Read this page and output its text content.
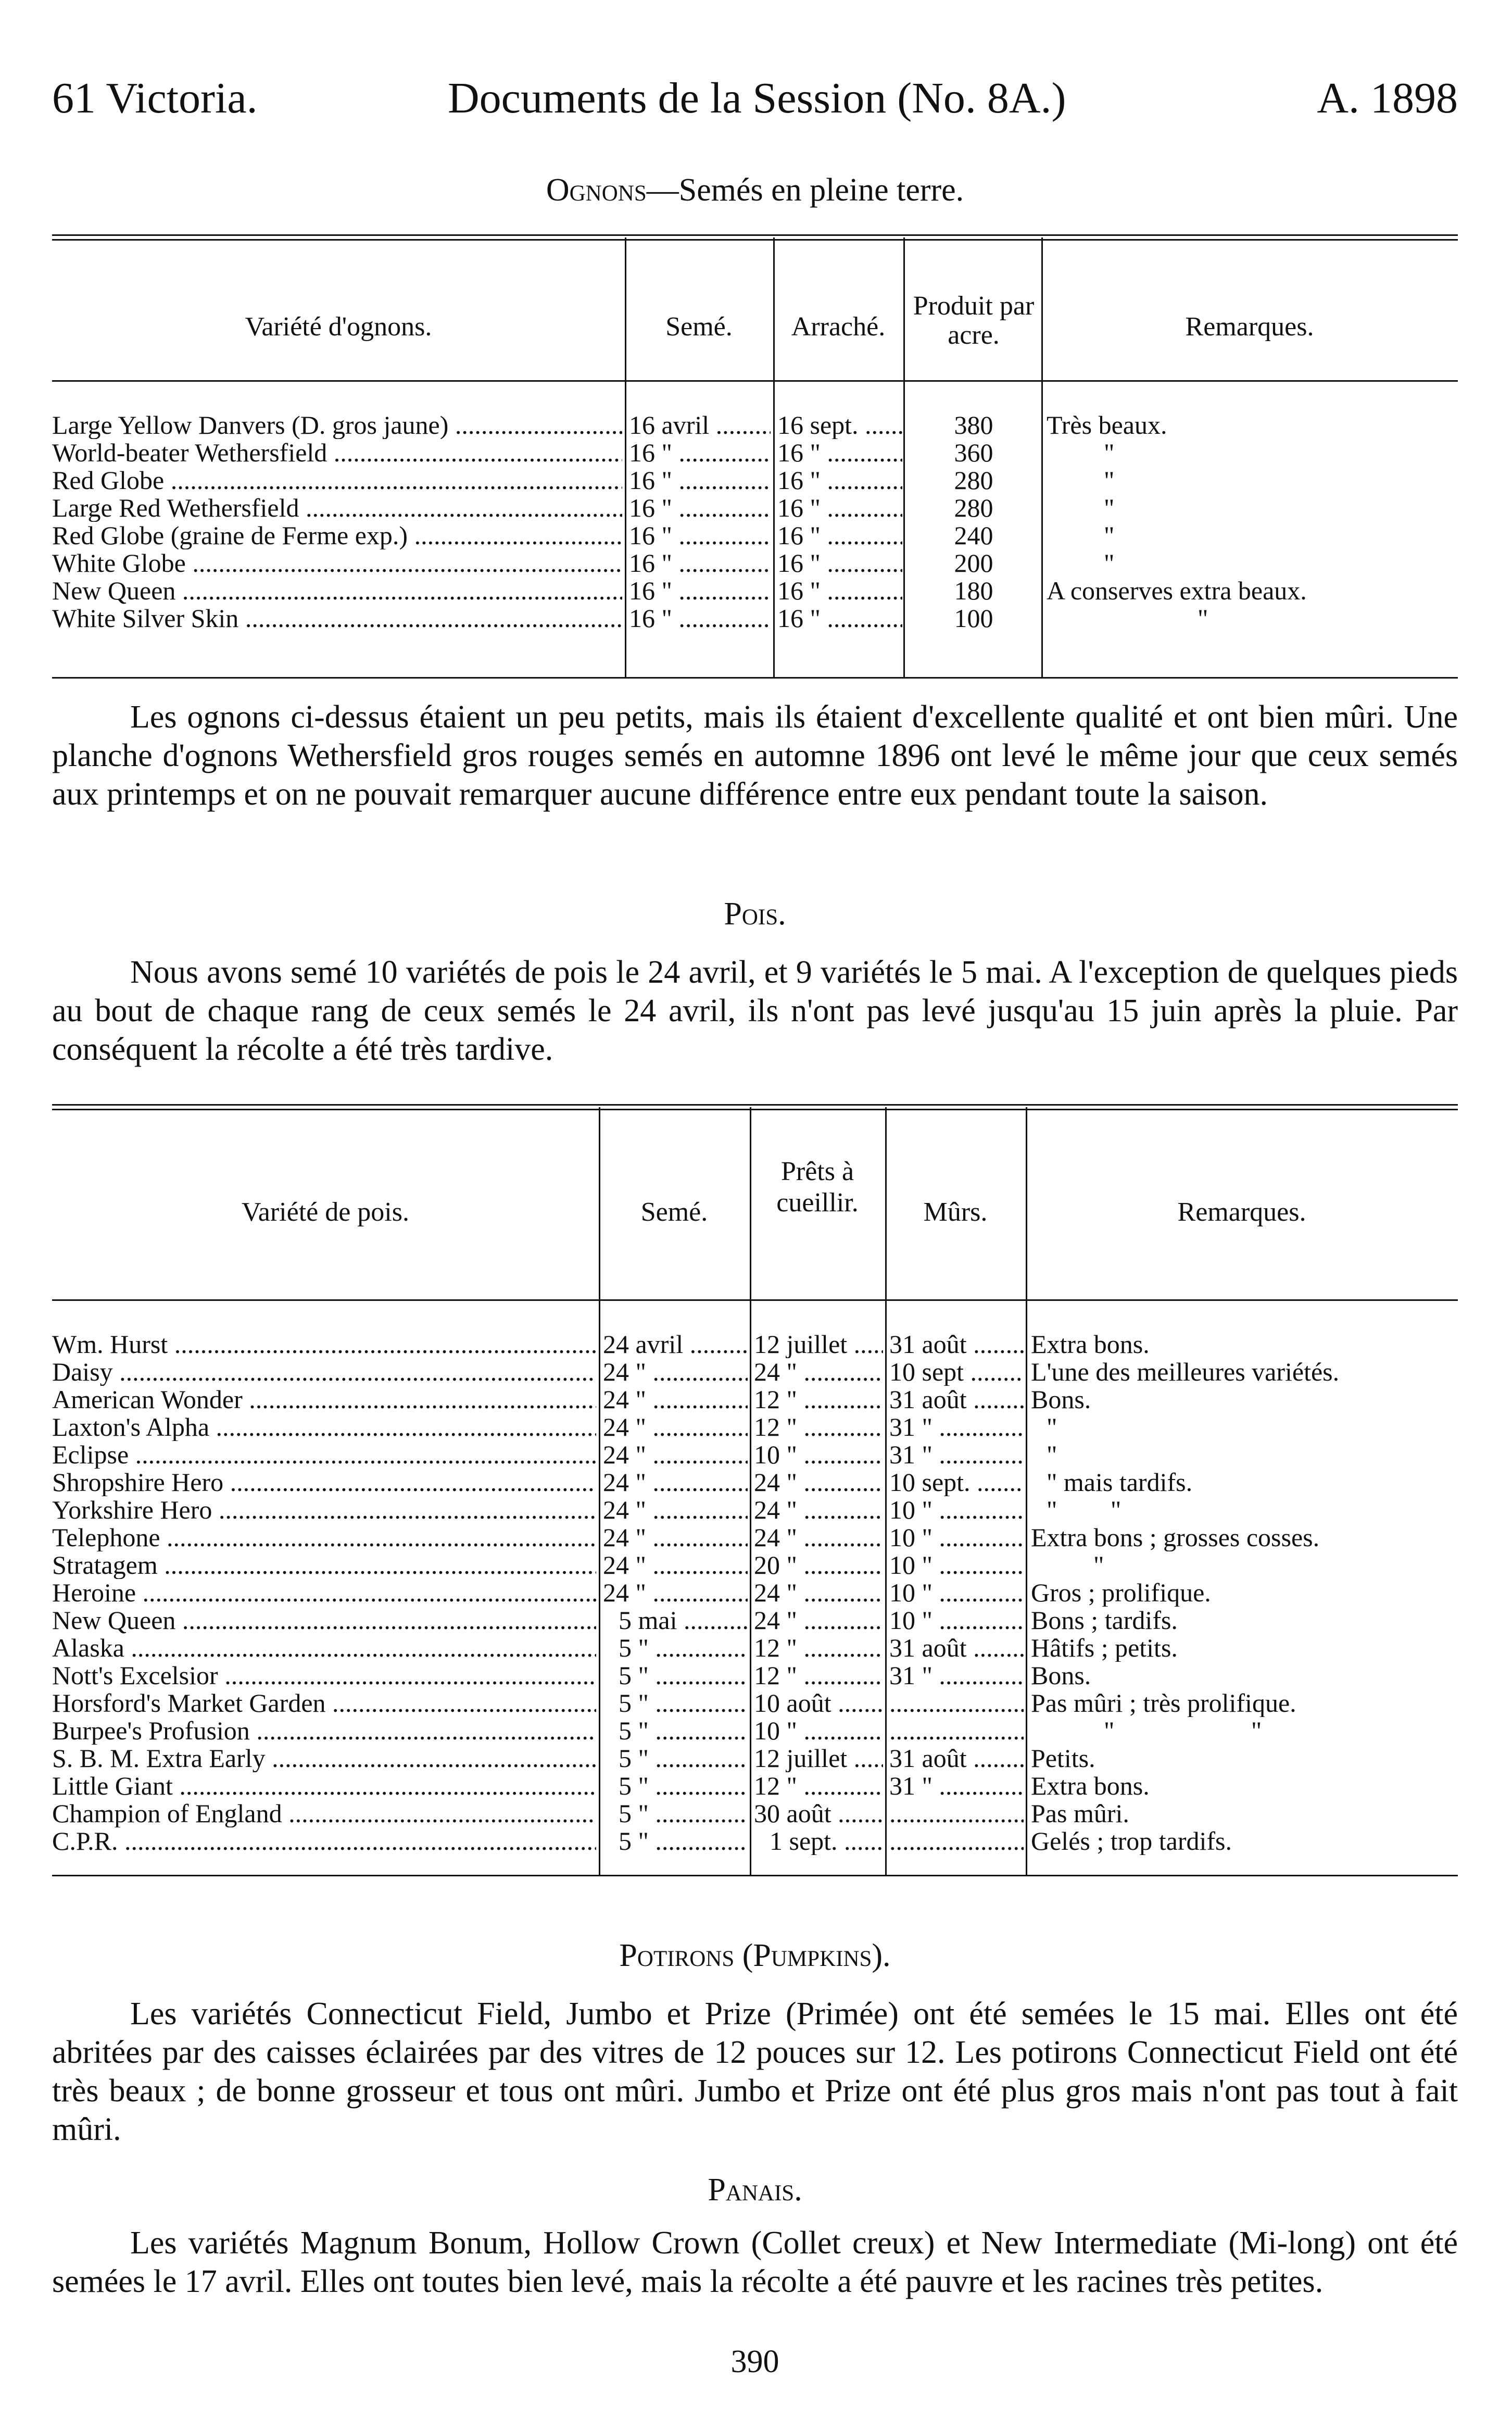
61 Victoria.	Documents de la Session (No. 8A.)	A. 1898
Ognons—Semés en pleine terre.
Variété d'ognons.	Semé.	Arraché.
Produit par acre.	Remarques.
Large Yellow Danvers (D. gros jaune) .....	16 avril .....	16 sept. .....	380	Très beaux.
World-beater Wethersfield .....	16 " .....	16 " .....	360	"
Red Globe .....	16 " .....	16 " .....	280	"
Large Red Wethersfield .....	16 " .....	16 " .....	280	"
Red Globe (graine de Ferme exp.) .....	16 " .....	16 " .....	240	"
White Globe .....	16 " .....	16 " .....	200	"
New Queen .....	16 " .....	16 " .....	180	A conserves extra beaux.
White Silver Skin .....	16 " .....	16 " .....	100	"

Les ognons ci-dessus étaient un peu petits, mais ils étaient d'excellente qualité et ont bien mûri. Une planche d'ognons Wethersfield gros rouges semés en automne 1896 ont levé le même jour que ceux semés aux printemps et on ne pouvait remarquer aucune différence entre eux pendant toute la saison.

Pois.

Nous avons semé 10 variétés de pois le 24 avril, et 9 variétés le 5 mai. A l'exception de quelques pieds au bout de chaque rang de ceux semés le 24 avril, ils n'ont pas levé jusqu'au 15 juin après la pluie. Par conséquent la récolte a été très tardive.

Variété de pois.	Semé.
Prêts à cueillir.	Mûrs.	Remarques.
Wm. Hurst .....	24 avril .....	12 juillet .....	31 août .....	Extra bons.
Daisy .....	24 " .....	24 " .....	10 sept .....	L'une des meilleures variétés.
American Wonder .....	24 " .....	12 " .....	31 août .....	Bons.
Laxton's Alpha .....	24 " .....	12 " .....	31 " .....	"
Eclipse .....	24 " .....	10 " .....	31 " .....	"
Shropshire Hero .....	24 " .....	24 " .....	10 sept. .....	" mais tardifs.
Yorkshire Hero .....	24 " .....	24 " .....	10 " .....	" "
Telephone .....	24 " .....	24 " .....	10 " .....	Extra bons ; grosses cosses.
Stratagem .....	24 " .....	20 " .....	10 " .....	"
Heroine .....	24 " .....	24 " .....	10 " .....	Gros ; prolifique.
New Queen .....	5 mai .....	24 " .....	10 " .....	Bons ; tardifs.
Alaska .....	5 " .....	12 " .....	31 août .....	Hâtifs ; petits.
Nott's Excelsior .....	5 " .....	12 " .....	31 " .....	Bons.
Horsford's Market Garden .....	5 " .....	10 août ..... .....	Pas mûri ; très prolifique.
Burpee's Profusion .....	5 " .....	10 " ..... .....	" "
S. B. M. Extra Early .....	5 " .....	12 juillet .....	31 août .....	Petits.
Little Giant .....	5 " .....	12 " .....	31 " .....	Extra bons.
Champion of England .....	5 " .....	30 août ..... .....	Pas mûri.
C.P.R. .....	5 " .....	1 sept. ..... .....	Gelés ; trop tardifs.
Potirons (Pumpkins).

Les variétés Connecticut Field, Jumbo et Prize (Primée) ont été semées le 15 mai. Elles ont été abritées par des caisses éclairées par des vitres de 12 pouces sur 12. Les potirons Connecticut Field ont été très beaux ; de bonne grosseur et tous ont mûri. Jumbo et Prize ont été plus gros mais n'ont pas tout à fait mûri.

Panais.

Les variétés Magnum Bonum, Hollow Crown (Collet creux) et New Intermediate (Mi-long) ont été semées le 17 avril. Elles ont toutes bien levé, mais la récolte a été pauvre et les racines très petites.

390
